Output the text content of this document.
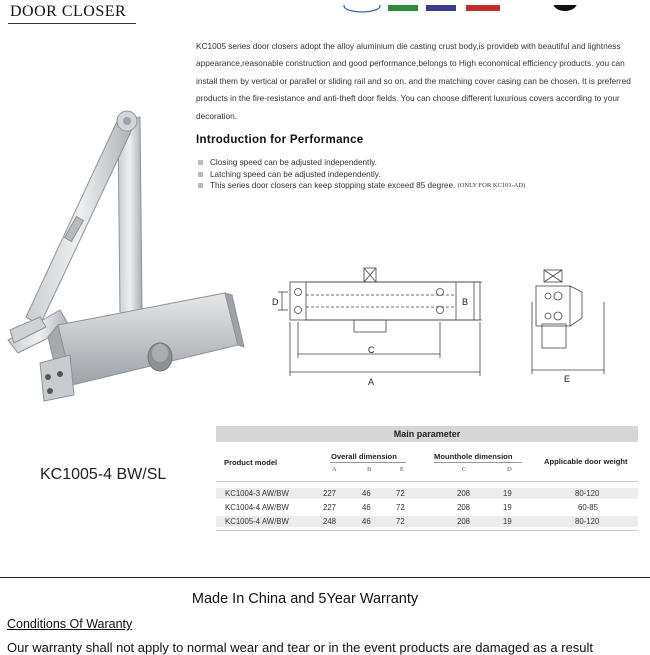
DOOR CLOSER
KC1005 series door closers adopt the alloy aluminium die casting crust body,is provideb with beautiful and lightness appearance,reasonable construction and good performance,belongs to High economical efficiency products. you can install them by vertical or parallel or sliding rail and so on. and the matching cover casing can be chosen. It is preferred products in the fire-resistance and anti-theft door fields. You can choose different luxurious covers according to your decoration.
Introduction for Performance
Closing speed can be adjusted independently.
Latching speed can be adjusted independently.
This series door closers can keep stopping state exceed 85 degree.
(ONLY FOR KC101-AD)
C
A
B
D
E
KC1005-4 BW/SL
Main parameter
Product model
Overall dimension	Mounthole dimension
Applicable door weight
A	B	E	C	D
KC1004-3 AW/BW	227	46	72	208	19	80-120
KC1004-4 AW/BW	227	46	72	208	19	60-85
KC1005-4 AW/BW	248	46	72	208	19	80-120
Made In China and 5Year Warranty
Conditions Of Waranty
Our warranty shall not apply to normal wear and tear or in the event products are damaged as a result
